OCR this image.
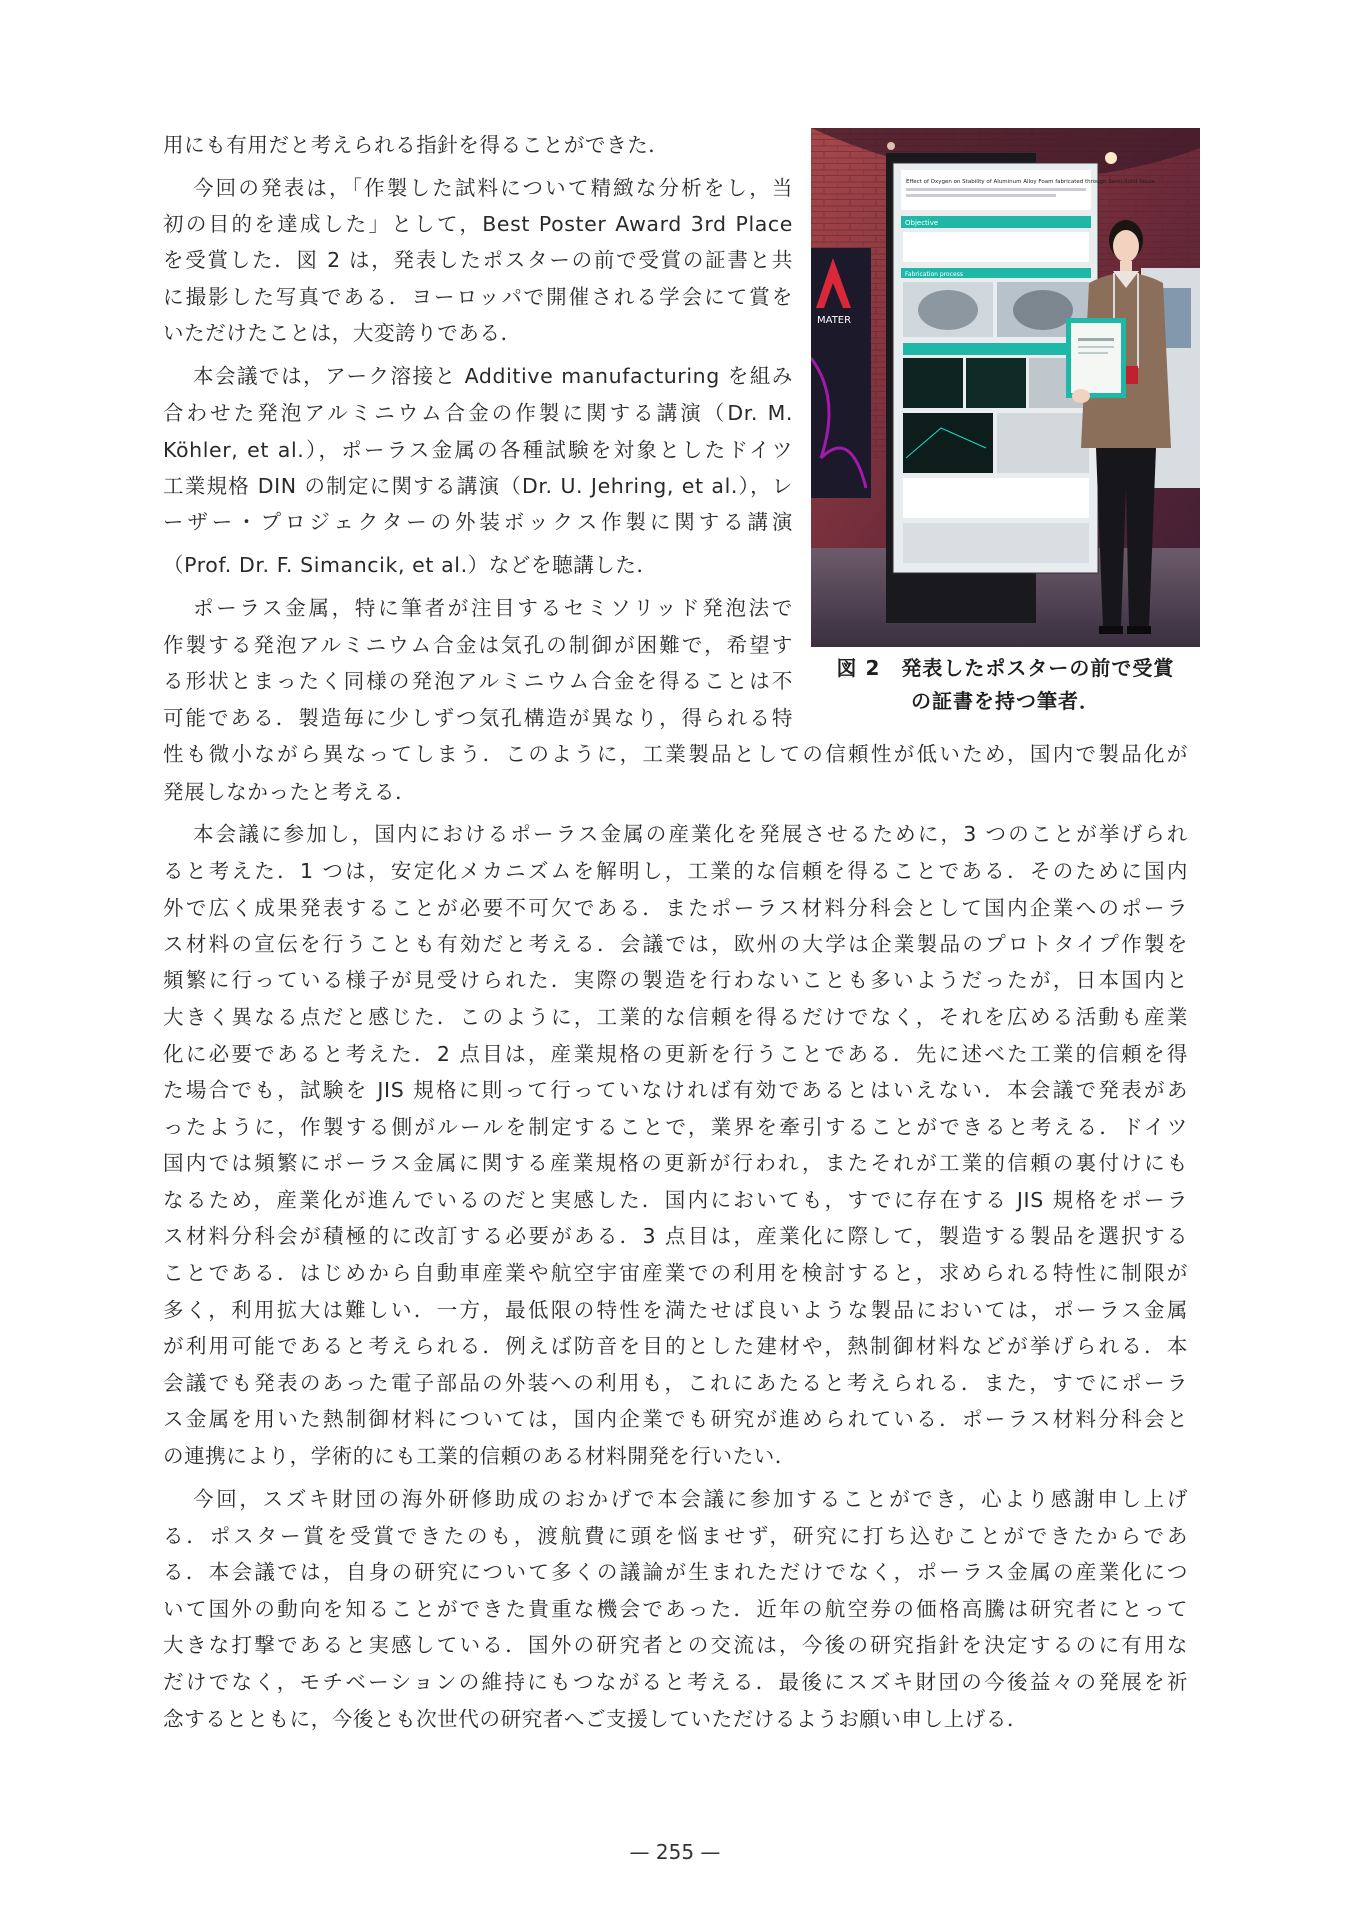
用にも有用だと考えられる指針を得ることができた．

今回の発表は，「作製した試料について精緻な分析をし，当

初の目的を達成した」として，Best Poster Award 3rd Place

を受賞した．図 2 は，発表したポスターの前で受賞の証書と共

に撮影した写真である．ヨーロッパで開催される学会にて賞を

いただけたことは，大変誇りである．

本会議では，アーク溶接と Additive manufacturing を組み

合わせた発泡アルミニウム合金の作製に関する講演（Dr. M.

Köhler, et al.），ポーラス金属の各種試験を対象としたドイツ

工業規格 DIN の制定に関する講演（Dr. U. Jehring, et al.），レ

ーザー・プロジェクターの外装ボックス作製に関する講演

（Prof. Dr. F. Simancik, et al.）などを聴講した．

ポーラス金属，特に筆者が注目するセミソリッド発泡法で

作製する発泡アルミニウム合金は気孔の制御が困難で，希望す

る形状とまったく同様の発泡アルミニウム合金を得ることは不

可能である．製造毎に少しずつ気孔構造が異なり，得られる特

性も微小ながら異なってしまう．このように，工業製品としての信頼性が低いため，国内で製品化が

発展しなかったと考える．

本会議に参加し，国内におけるポーラス金属の産業化を発展させるために，3 つのことが挙げられ

ると考えた．1 つは，安定化メカニズムを解明し，工業的な信頼を得ることである．そのために国内

外で広く成果発表することが必要不可欠である．またポーラス材料分科会として国内企業へのポーラ

ス材料の宣伝を行うことも有効だと考える．会議では，欧州の大学は企業製品のプロトタイプ作製を

頻繁に行っている様子が見受けられた．実際の製造を行わないことも多いようだったが，日本国内と

大きく異なる点だと感じた．このように，工業的な信頼を得るだけでなく，それを広める活動も産業

化に必要であると考えた．2 点目は，産業規格の更新を行うことである．先に述べた工業的信頼を得

た場合でも，試験を JIS 規格に則って行っていなければ有効であるとはいえない．本会議で発表があ

ったように，作製する側がルールを制定することで，業界を牽引することができると考える．ドイツ

国内では頻繁にポーラス金属に関する産業規格の更新が行われ，またそれが工業的信頼の裏付けにも

なるため，産業化が進んでいるのだと実感した．国内においても，すでに存在する JIS 規格をポーラ

ス材料分科会が積極的に改訂する必要がある．3 点目は，産業化に際して，製造する製品を選択する

ことである．はじめから自動車産業や航空宇宙産業での利用を検討すると，求められる特性に制限が

多く，利用拡大は難しい．一方，最低限の特性を満たせば良いような製品においては，ポーラス金属

が利用可能であると考えられる．例えば防音を目的とした建材や，熱制御材料などが挙げられる．本

会議でも発表のあった電子部品の外装への利用も，これにあたると考えられる．また，すでにポーラ

ス金属を用いた熱制御材料については，国内企業でも研究が進められている．ポーラス材料分科会と

の連携により，学術的にも工業的信頼のある材料開発を行いたい．

今回，スズキ財団の海外研修助成のおかげで本会議に参加することができ，心より感謝申し上げ

る．ポスター賞を受賞できたのも，渡航費に頭を悩ませず，研究に打ち込むことができたからであ

る．本会議では，自身の研究について多くの議論が生まれただけでなく，ポーラス金属の産業化につ

いて国外の動向を知ることができた貴重な機会であった．近年の航空券の価格高騰は研究者にとって

大きな打撃であると実感している．国外の研究者との交流は，今後の研究指針を決定するのに有用な

だけでなく，モチベーションの維持にもつながると考える．最後にスズキ財団の今後益々の発展を祈

念するとともに，今後とも次世代の研究者へご支援していただけるようお願い申し上げる．

MATER
Effect of Oxygen on Stability of Aluminum Alloy Foam fabricated through Semi-Solid Route
Objective
Fabrication process

図 2　発表したポスターの前で受賞

の証書を持つ筆者．

— 255 —
